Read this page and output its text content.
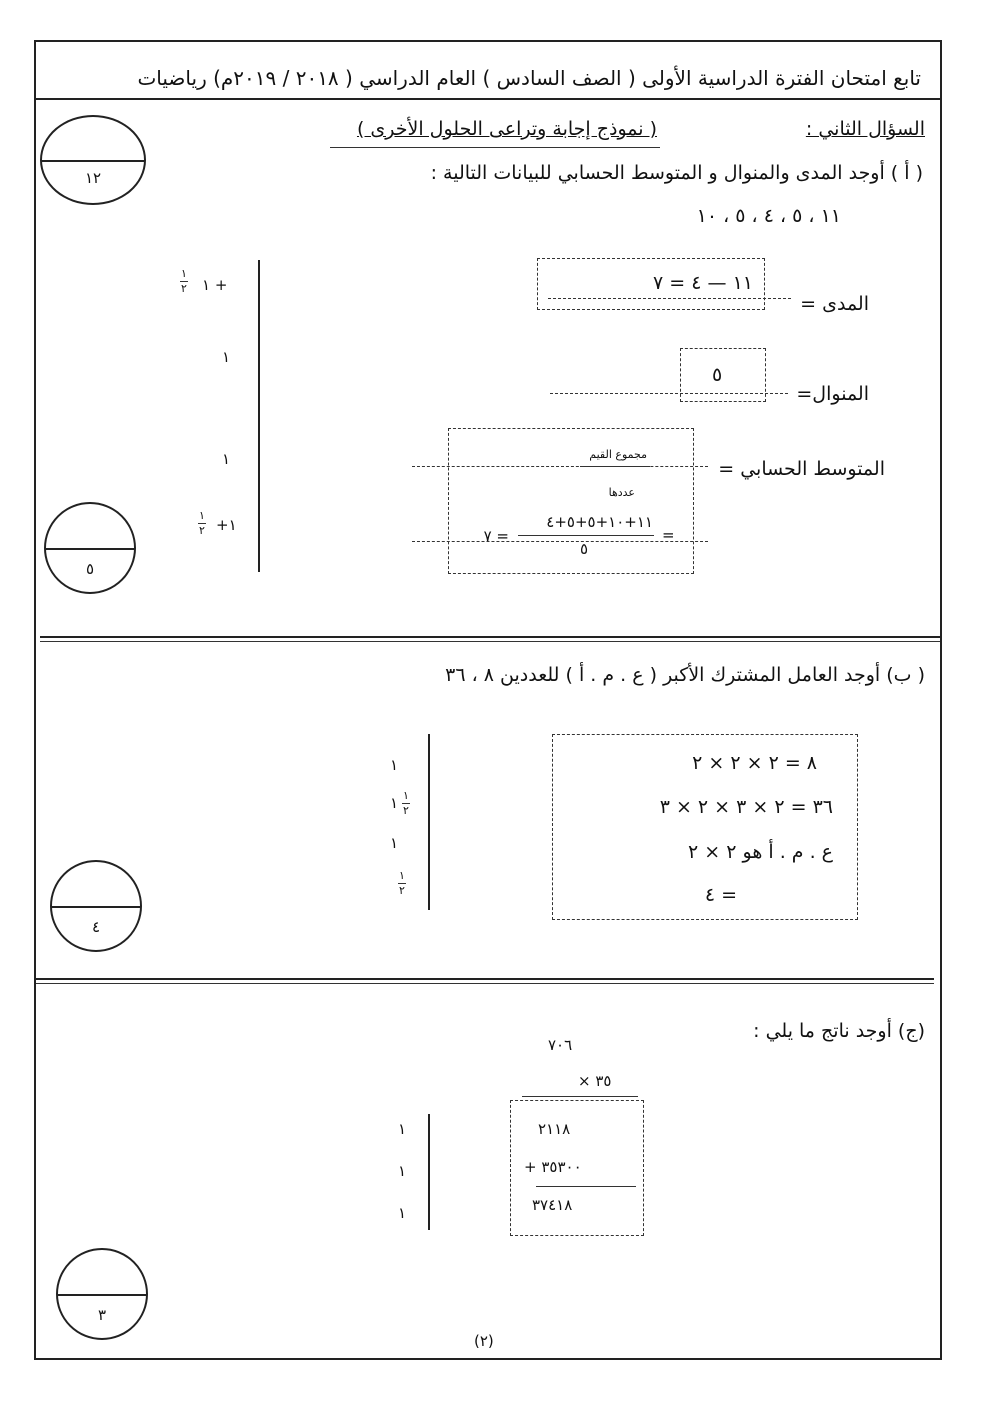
تابع امتحان الفترة الدراسية الأولى ( الصف السادس ) العام الدراسي ( ٢٠١٨ / ٢٠١٩م) رياضيات
السؤال الثاني :
( نموذج إجابة وتراعى الحلول الأخرى )
١٢	( أ ) أوجد المدى والمنوال و المتوسط الحسابي للبيانات التالية :
١١ ، ٥ ، ٤ ، ٥ ، ١٠
١١ — ٤ = ٧
المدى =
٥
المنوال=
المتوسط الحسابي =
مجموع القيم
عددها
=
١١+١٠+٥+٥+٤
٥
= ٧
١ +
١
٢
١
١
+١
١
٢
٥
( ب) أوجد العامل المشترك الأكبر ( ع . م . أ ) للعددين ٨ ، ٣٦
٨ = ٢ × ٢ × ٢
٣٦ = ٢ × ٣ × ٢ × ٣
ع . م . أ هو ٢ × ٢
= ٤
١
١ ١
٢
١
١
٢
٤
(ج) أوجد ناتج ما يلي :
٧٠٦
× ٣٥
٢١١٨
+ ٣٥٣٠٠
٣٧٤١٨
١
١
١
٣
(٢)
